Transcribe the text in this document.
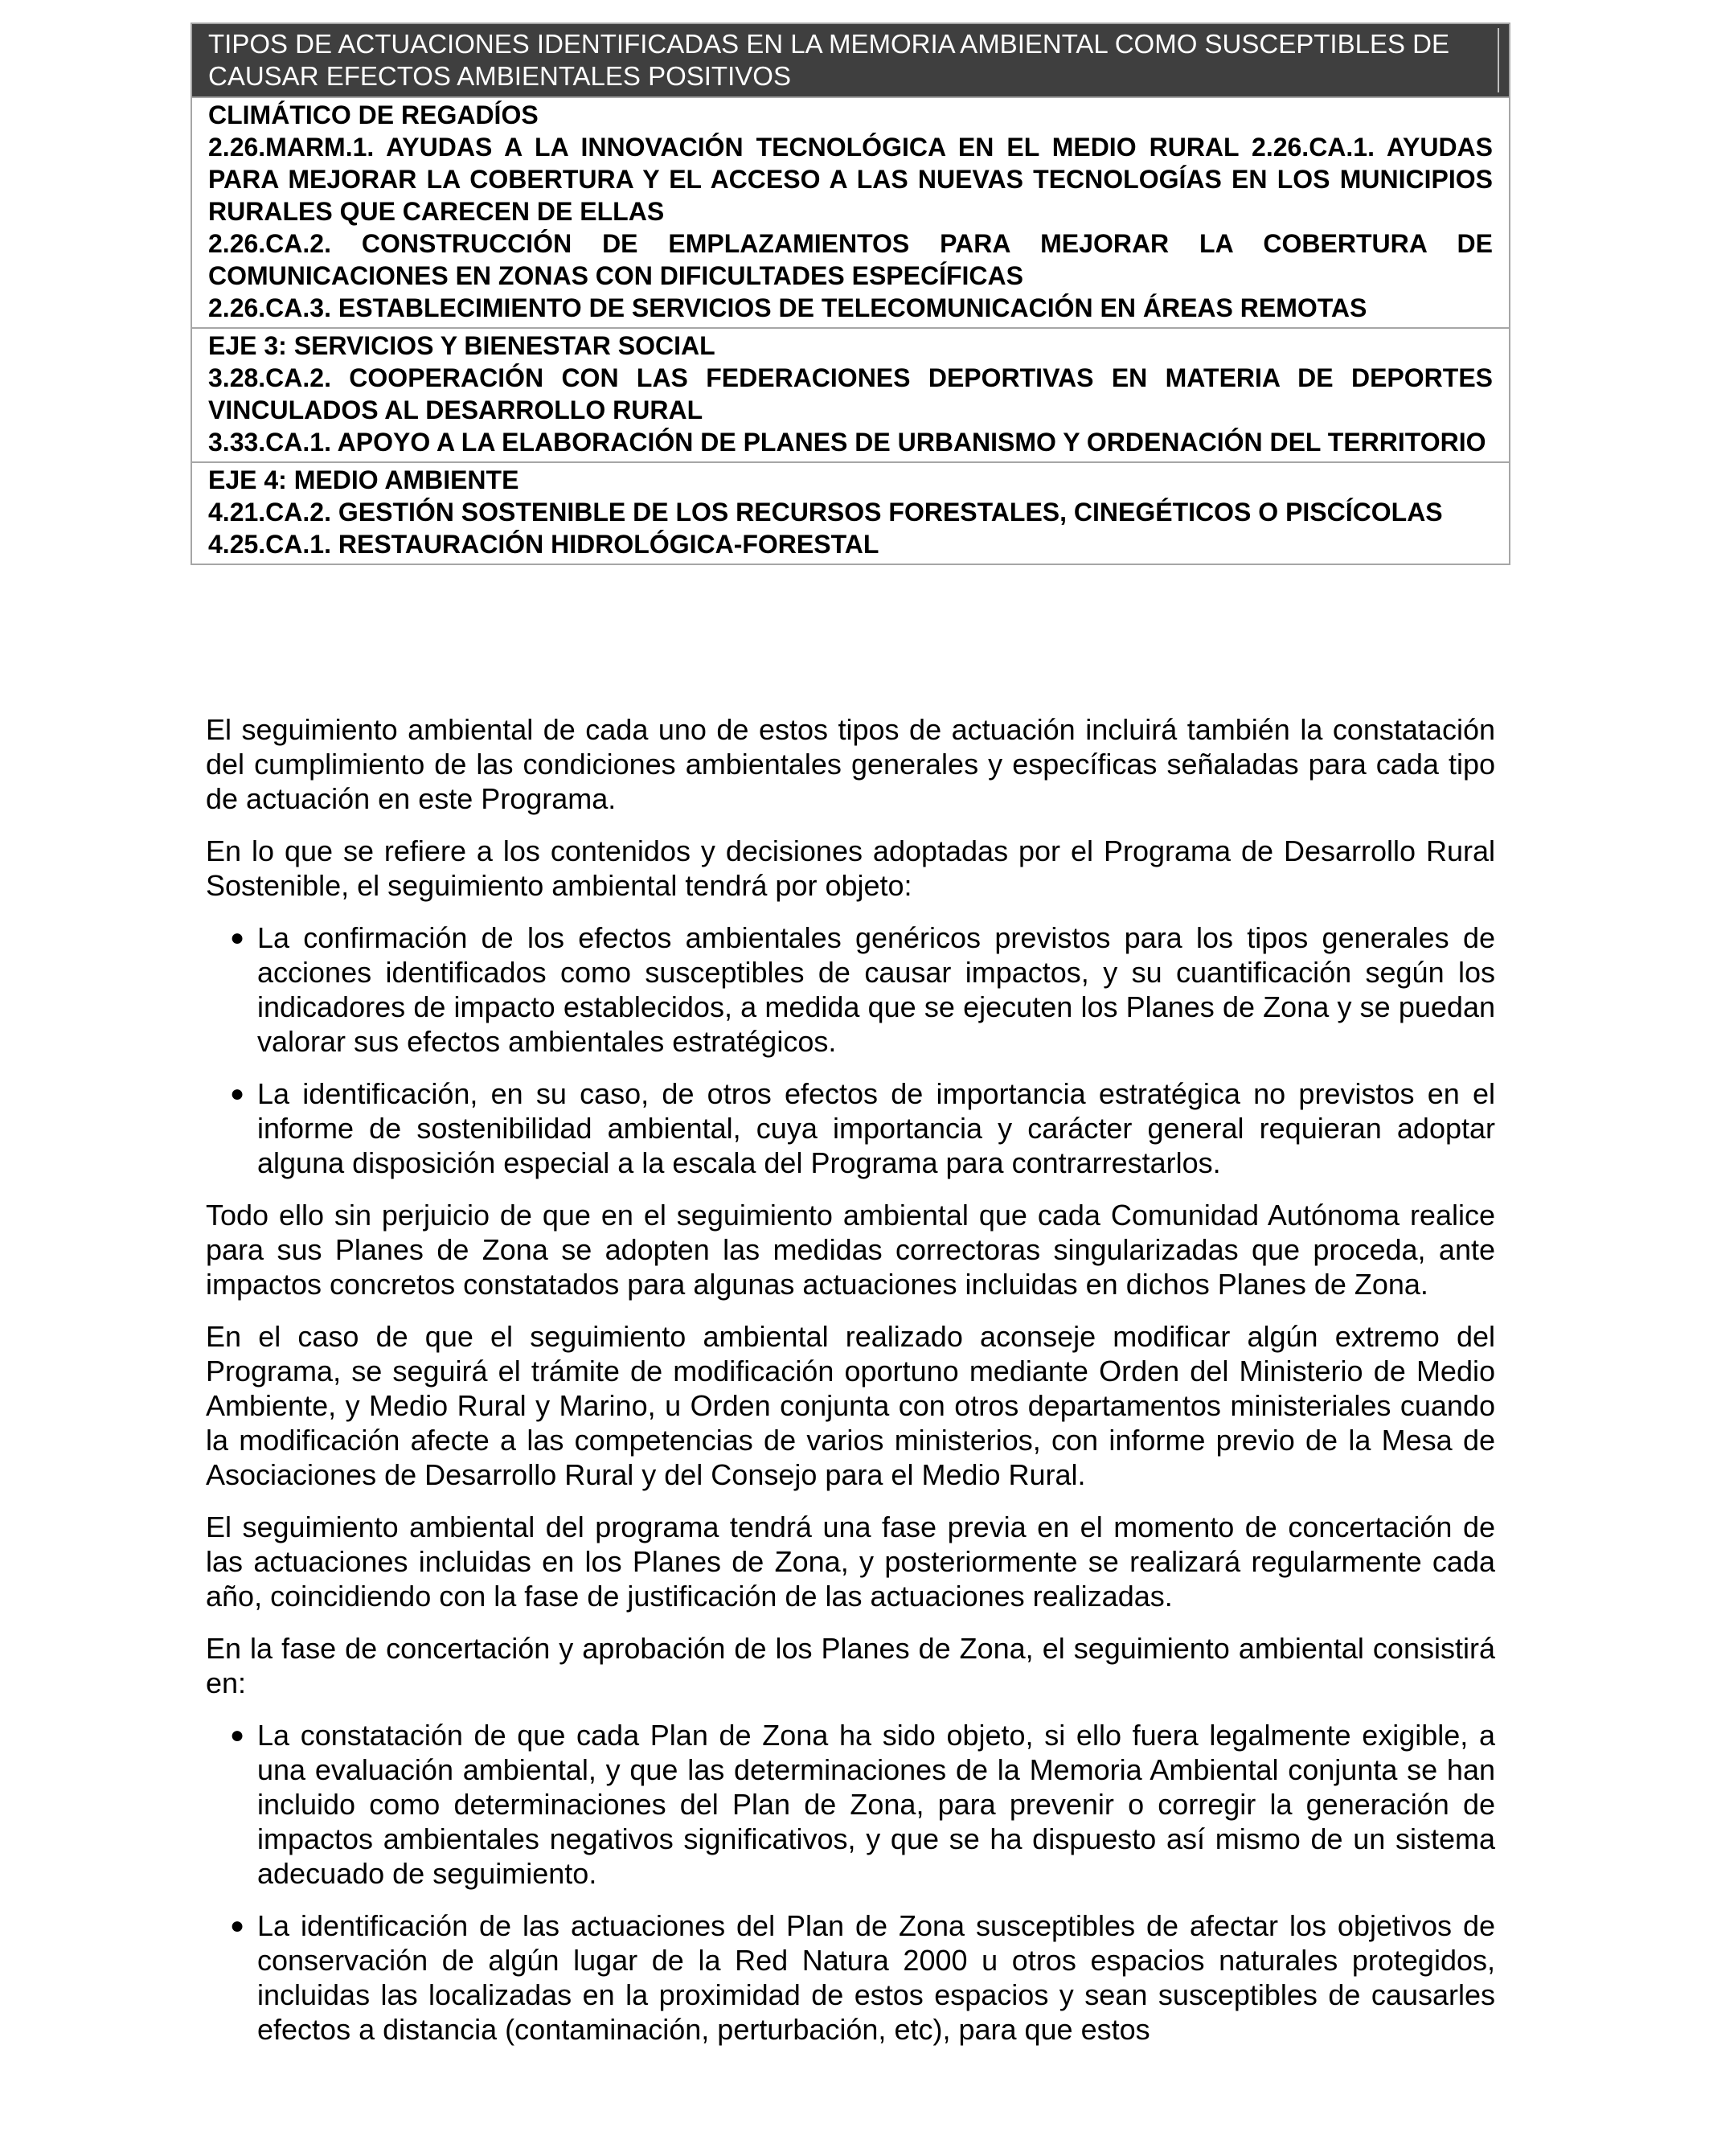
TIPOS DE ACTUACIONES IDENTIFICADAS EN LA MEMORIA AMBIENTAL COMO SUSCEPTIBLES DE CAUSAR EFECTOS AMBIENTALES POSITIVOS
CLIMÁTICO DE REGADÍOS
2.26.MARM.1. AYUDAS A LA INNOVACIÓN TECNOLÓGICA EN EL MEDIO RURAL 2.26.CA.1. AYUDAS PARA MEJORAR LA COBERTURA Y EL ACCESO A LAS NUEVAS TECNOLOGÍAS EN LOS MUNICIPIOS RURALES QUE CARECEN DE ELLAS
2.26.CA.2. CONSTRUCCIÓN DE EMPLAZAMIENTOS PARA MEJORAR LA COBERTURA DE COMUNICACIONES EN ZONAS CON DIFICULTADES ESPECÍFICAS
2.26.CA.3. ESTABLECIMIENTO DE SERVICIOS DE TELECOMUNICACIÓN EN ÁREAS REMOTAS
EJE 3: SERVICIOS Y BIENESTAR SOCIAL
3.28.CA.2. COOPERACIÓN CON LAS FEDERACIONES DEPORTIVAS EN MATERIA DE DEPORTES VINCULADOS AL DESARROLLO RURAL
3.33.CA.1. APOYO A LA ELABORACIÓN DE PLANES DE URBANISMO Y ORDENACIÓN DEL TERRITORIO
EJE 4: MEDIO AMBIENTE
4.21.CA.2. GESTIÓN SOSTENIBLE DE LOS RECURSOS FORESTALES, CINEGÉTICOS O PISCÍCOLAS
4.25.CA.1. RESTAURACIÓN HIDROLÓGICA-FORESTAL

El seguimiento ambiental de cada uno de estos tipos de actuación incluirá también la constatación del cumplimiento de las condiciones ambientales generales y específicas señaladas para cada tipo de actuación en este Programa.

En lo que se refiere a los contenidos y decisiones adoptadas por el Programa de Desarrollo Rural Sostenible, el seguimiento ambiental tendrá por objeto:

● La confirmación de los efectos ambientales genéricos previstos para los tipos generales de acciones identificados como susceptibles de causar impactos, y su cuantificación según los indicadores de impacto establecidos, a medida que se ejecuten los Planes de Zona y se puedan valorar sus efectos ambientales estratégicos.
● La identificación, en su caso, de otros efectos de importancia estratégica no previstos en el informe de sostenibilidad ambiental, cuya importancia y carácter general requieran adoptar alguna disposición especial a la escala del Programa para contrarrestarlos.

Todo ello sin perjuicio de que en el seguimiento ambiental que cada Comunidad Autónoma realice para sus Planes de Zona se adopten las medidas correctoras singularizadas que proceda, ante impactos concretos constatados para algunas actuaciones incluidas en dichos Planes de Zona.

En el caso de que el seguimiento ambiental realizado aconseje modificar algún extremo del Programa, se seguirá el trámite de modificación oportuno mediante Orden del Ministerio de Medio Ambiente, y Medio Rural y Marino, u Orden conjunta con otros departamentos ministeriales cuando la modificación afecte a las competencias de varios ministerios, con informe previo de la Mesa de Asociaciones de Desarrollo Rural y del Consejo para el Medio Rural.

El seguimiento ambiental del programa tendrá una fase previa en el momento de concertación de las actuaciones incluidas en los Planes de Zona, y posteriormente se realizará regularmente cada año, coincidiendo con la fase de justificación de las actuaciones realizadas.

En la fase de concertación y aprobación de los Planes de Zona, el seguimiento ambiental consistirá en:

● La constatación de que cada Plan de Zona ha sido objeto, si ello fuera legalmente exigible, a una evaluación ambiental, y que las determinaciones de la Memoria Ambiental conjunta se han incluido como determinaciones del Plan de Zona, para prevenir o corregir la generación de impactos ambientales negativos significativos, y que se ha dispuesto así mismo de un sistema adecuado de seguimiento.
● La identificación de las actuaciones del Plan de Zona susceptibles de afectar los objetivos de conservación de algún lugar de la Red Natura 2000 u otros espacios naturales protegidos, incluidas las localizadas en la proximidad de estos espacios y sean susceptibles de causarles efectos a distancia (contaminación, perturbación, etc), para que estos
